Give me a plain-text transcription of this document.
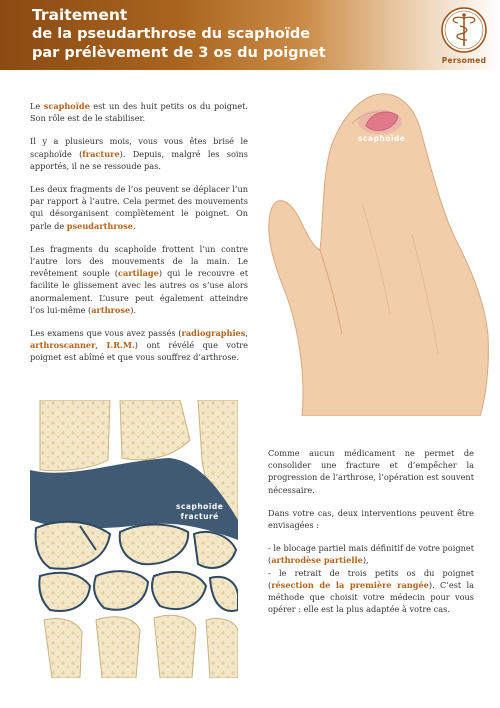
Traitement
de la pseudarthrose du scaphoïde
par prélèvement de 3 os du poignet	Persomed

Le scaphoïde est un des huit petits os du poignet. Son rôle est de le stabiliser.

Il y a plusieurs mois, vous vous êtes brisé le scaphoïde (fracture). Depuis, malgré les soins apportés, il ne se ressoude pas.

Les deux fragments de l’os peuvent se déplacer l’un par rapport à l’autre. Cela permet des mouvements qui désorganisent complètement le poignet. On parle de pseudarthrose.

Les fragments du scaphoïde frottent l’un contre l’autre lors des mouvements de la main. Le revêtement souple (cartilage) qui le recouvre et facilite le glissement avec les autres os s’use alors anormalement. L’usure peut également atteindre l’os lui-même (arthrose).

Les examens que vous avez passés (radiographies, arthroscanner, I.R.M.) ont révélé que votre poignet est abîmé et que vous souffrez d’arthrose.

scaphoïde
scaphoïde
fracturé

Comme aucun médicament ne permet de consolider une fracture et d’empêcher la progression de l’arthrose, l’opération est souvent nécessaire.

Dans votre cas, deux interventions peuvent être envisagées :

- le blocage partiel mais définitif de votre poignet (arthrodèse partielle),
- le retrait de trois petits os du poignet (résection de la première rangée). C’est la méthode que choisit votre médecin pour vous opérer : elle est la plus adaptée à votre cas.
